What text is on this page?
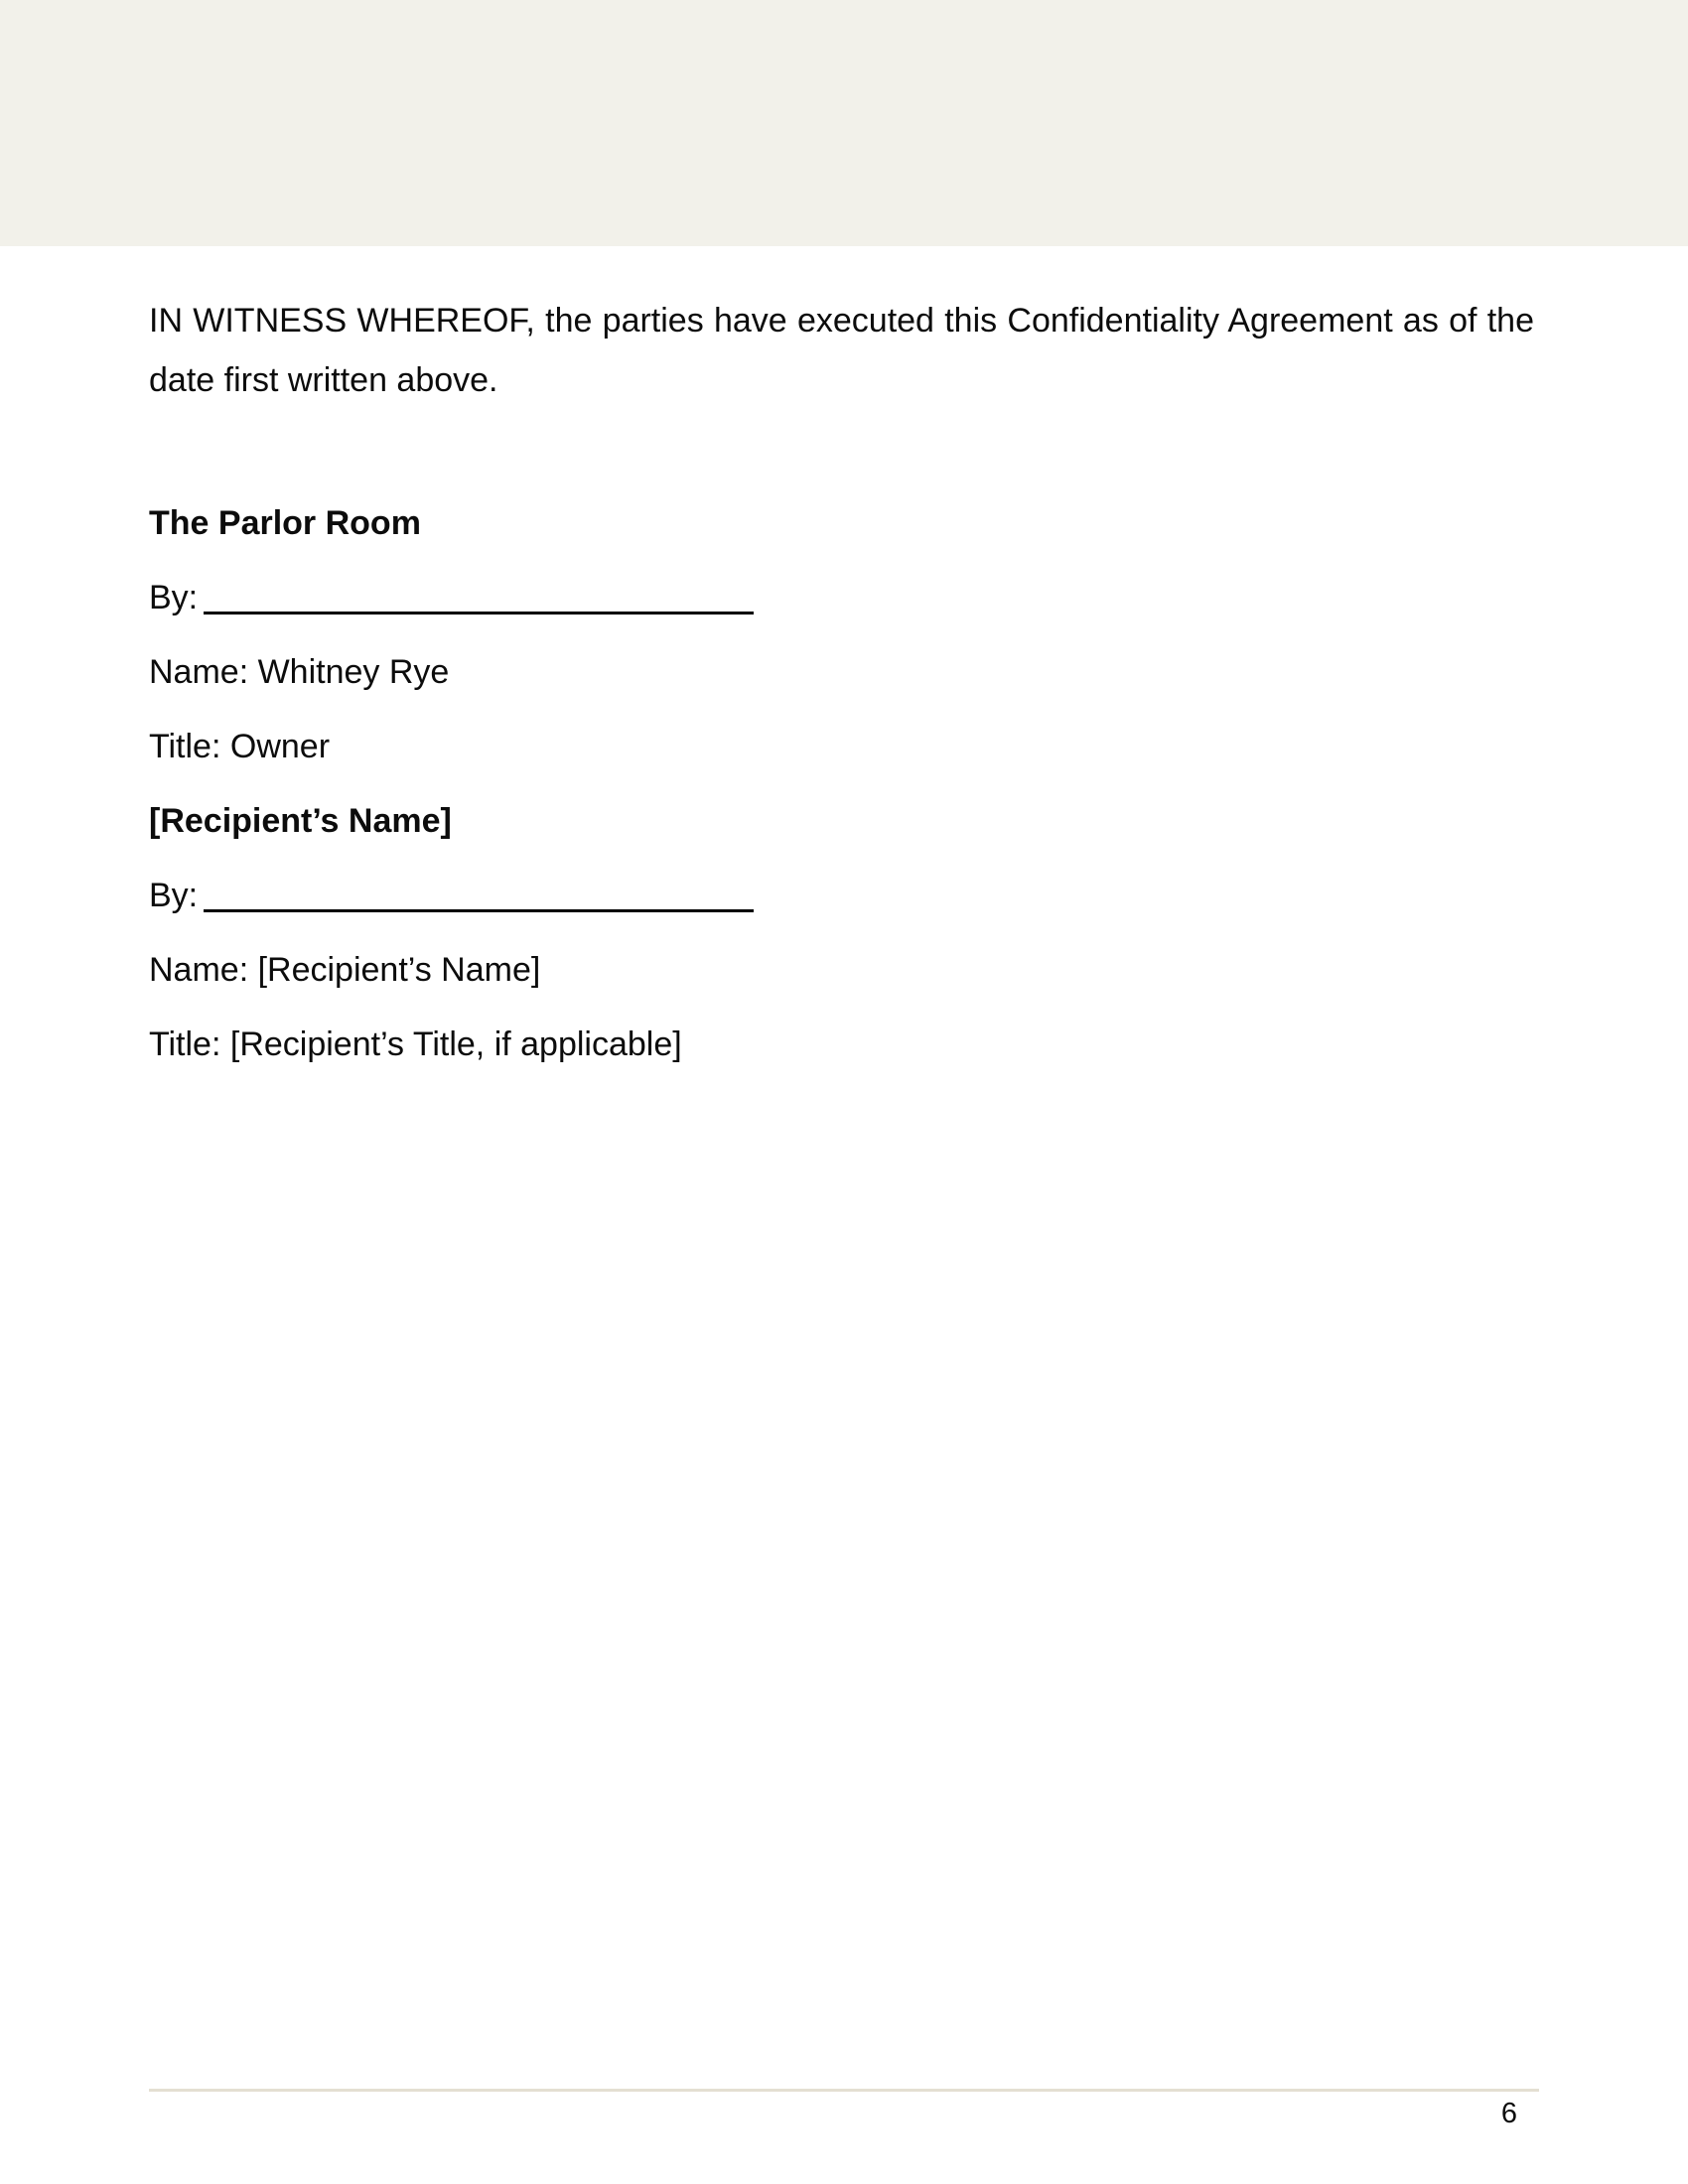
IN WITNESS WHEREOF, the parties have executed this Confidentiality Agreement as of the date first written above.

The Parlor Room
By:
Name: Whitney Rye
Title: Owner
[Recipient’s Name]
By:
Name: [Recipient’s Name]
Title: [Recipient’s Title, if applicable]
6
